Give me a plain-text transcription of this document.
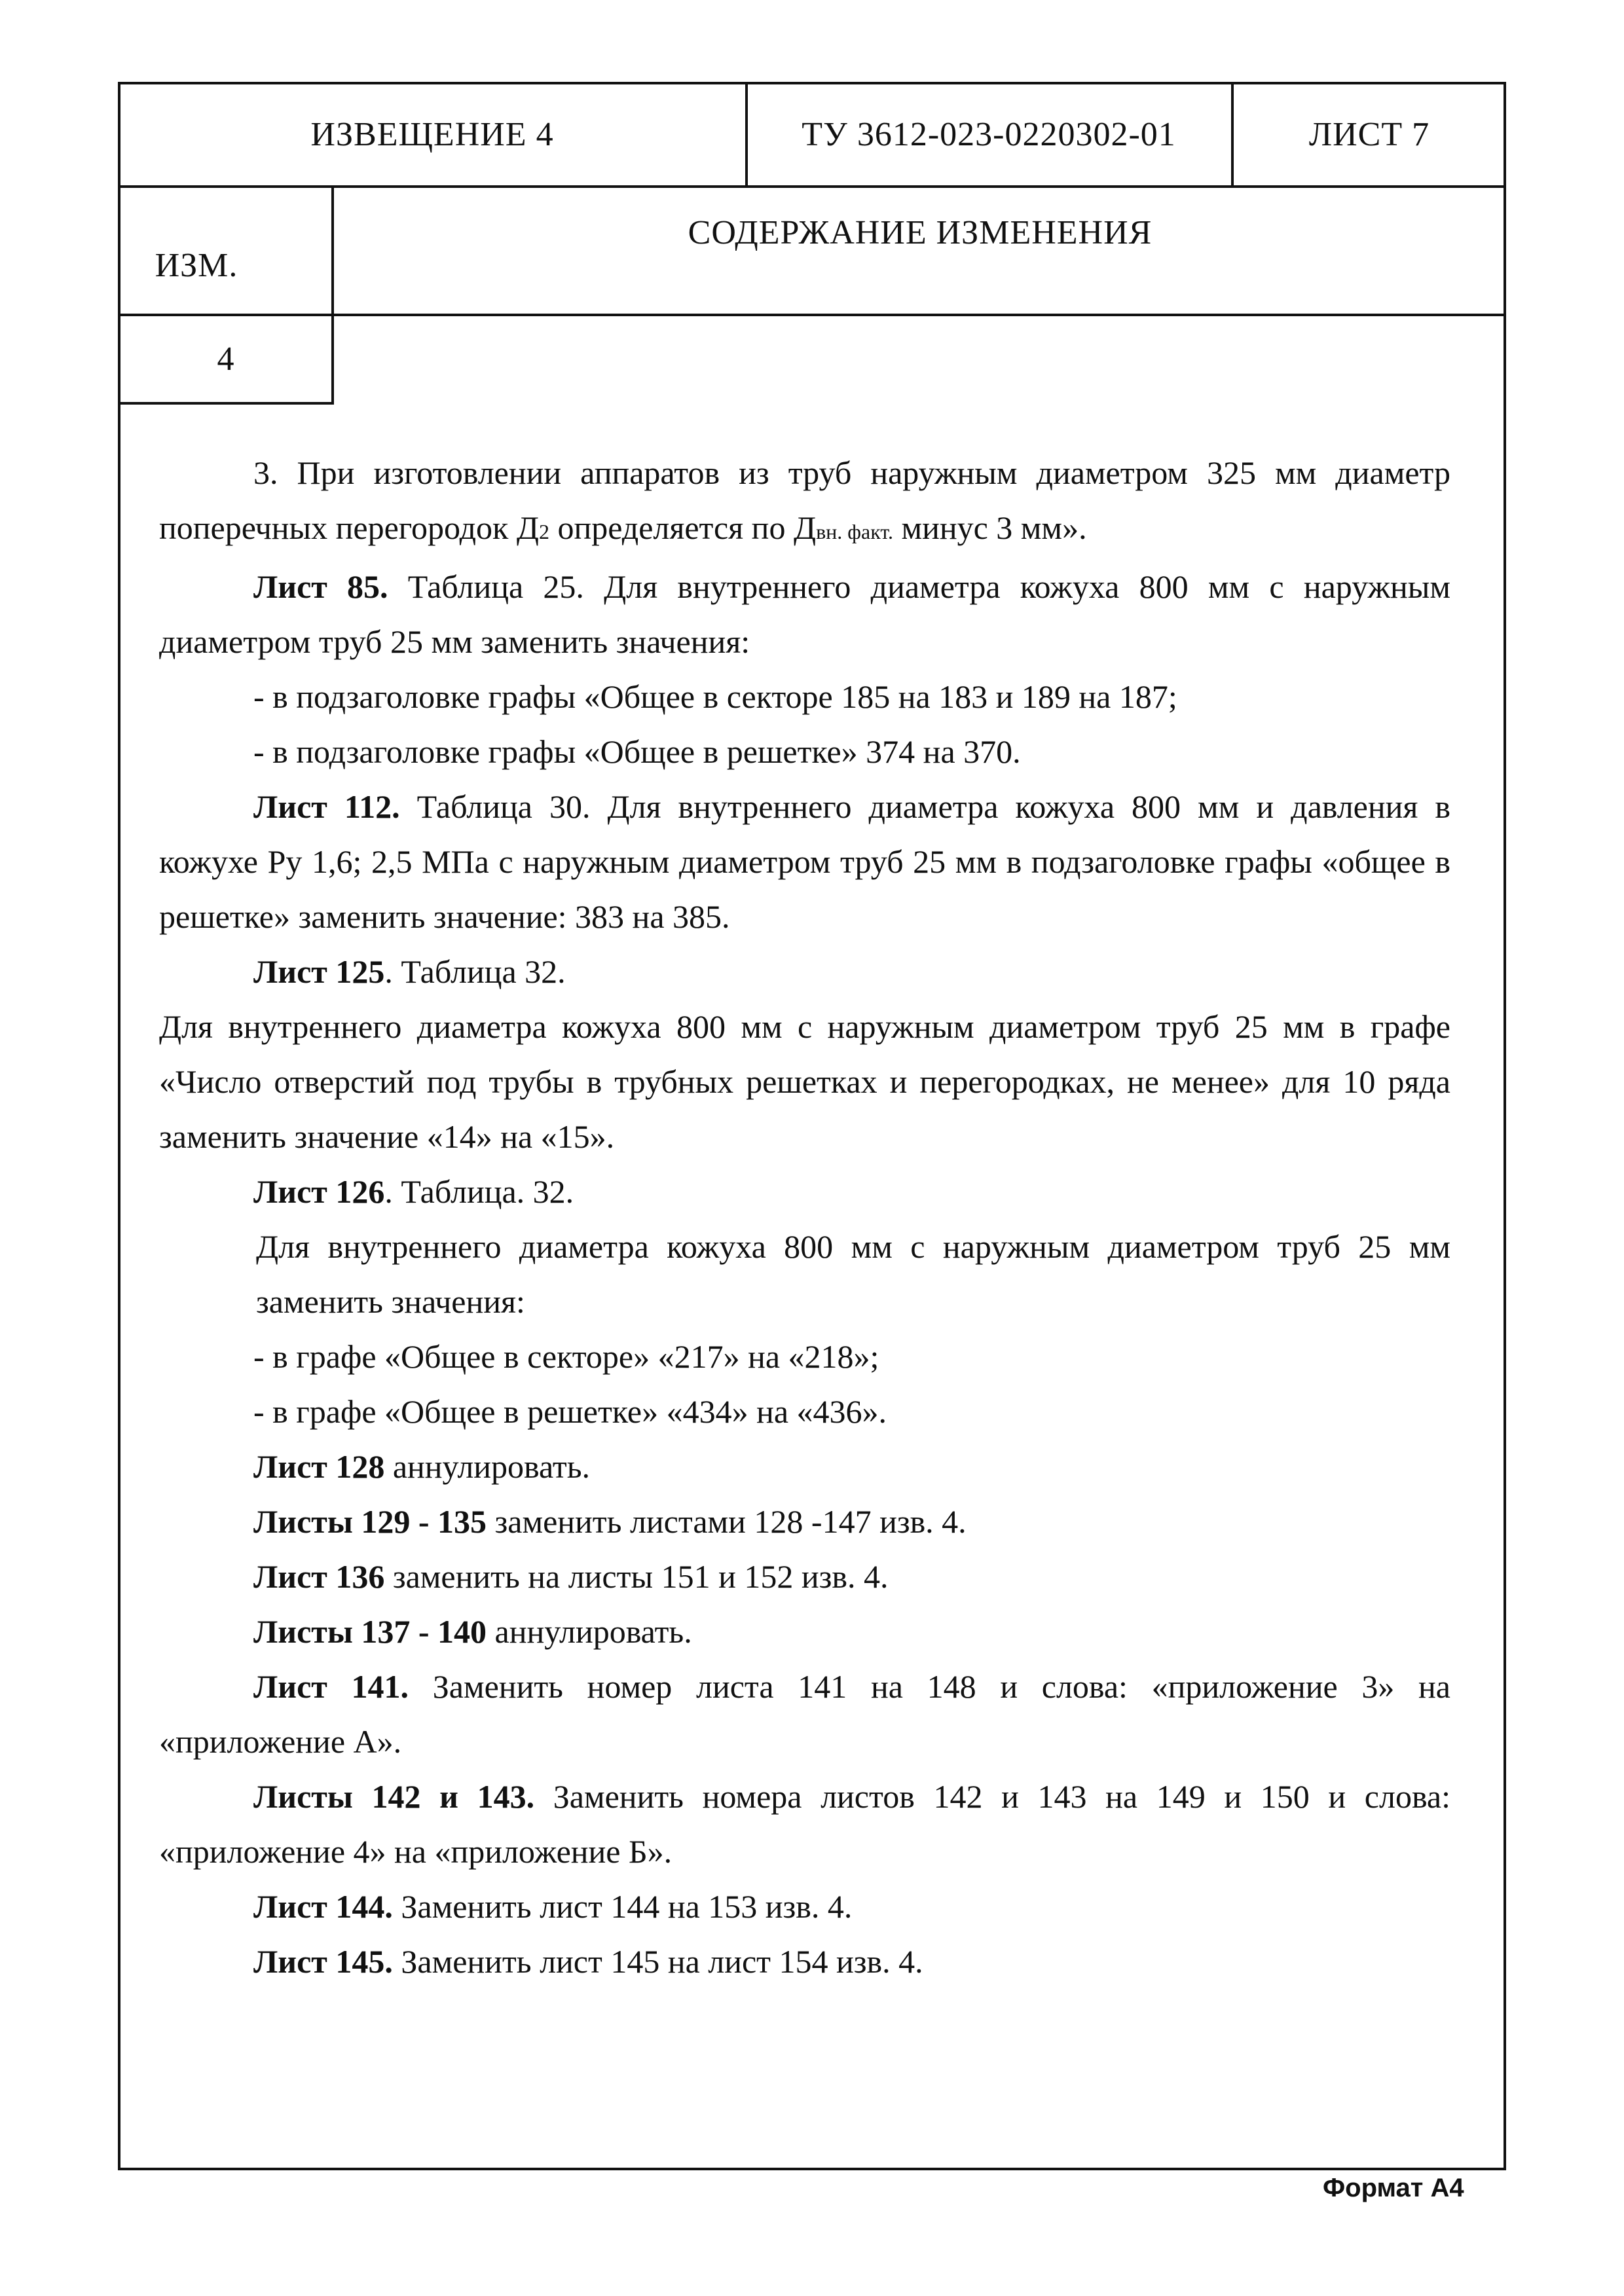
ИЗВЕЩЕНИЕ 4	ТУ 3612-023-0220302-01	ЛИСТ 7
ИЗМ.
СОДЕРЖАНИЕ ИЗМЕНЕНИЯ
4

3. При изготовлении аппаратов из труб наружным диаметром 325 мм диаметр поперечных перегородок Д2 определяется по Двн. факт. минус 3 мм».

Лист 85. Таблица 25. Для внутреннего диаметра кожуха 800 мм с наружным диаметром труб 25 мм заменить значения:

- в подзаголовке графы «Общее в секторе 185 на 183 и 189 на 187;

- в подзаголовке графы «Общее в решетке» 374 на 370.

Лист 112. Таблица 30. Для внутреннего диаметра кожуха 800 мм и давления в кожухе Ру 1,6; 2,5 МПа с наружным диаметром труб 25 мм в подзаголовке графы «общее в решетке» заменить значение: 383 на 385.

Лист 125. Таблица 32.

Для внутреннего диаметра кожуха 800 мм с наружным диаметром труб 25 мм в графе «Число отверстий под трубы в трубных решетках и перегородках, не менее» для 10 ряда заменить значение «14» на «15».

Лист 126. Таблица. 32.

Для внутреннего диаметра кожуха 800 мм с наружным диаметром труб 25 мм заменить значения:

- в графе «Общее в секторе» «217» на «218»;

- в графе «Общее в решетке» «434» на «436».

Лист 128 аннулировать.

Листы 129 - 135 заменить листами 128 -147 изв. 4.

Лист 136 заменить на листы 151 и 152 изв. 4.

Листы 137 - 140 аннулировать.

Лист 141. Заменить номер листа 141 на 148 и слова: «приложение 3» на «приложение А».

Листы 142 и 143. Заменить номера листов 142 и 143 на 149 и 150 и слова: «приложение 4» на «приложение Б».

Лист 144. Заменить лист 144 на 153 изв. 4.

Лист 145. Заменить лист 145 на лист 154 изв. 4.

Формат А4
